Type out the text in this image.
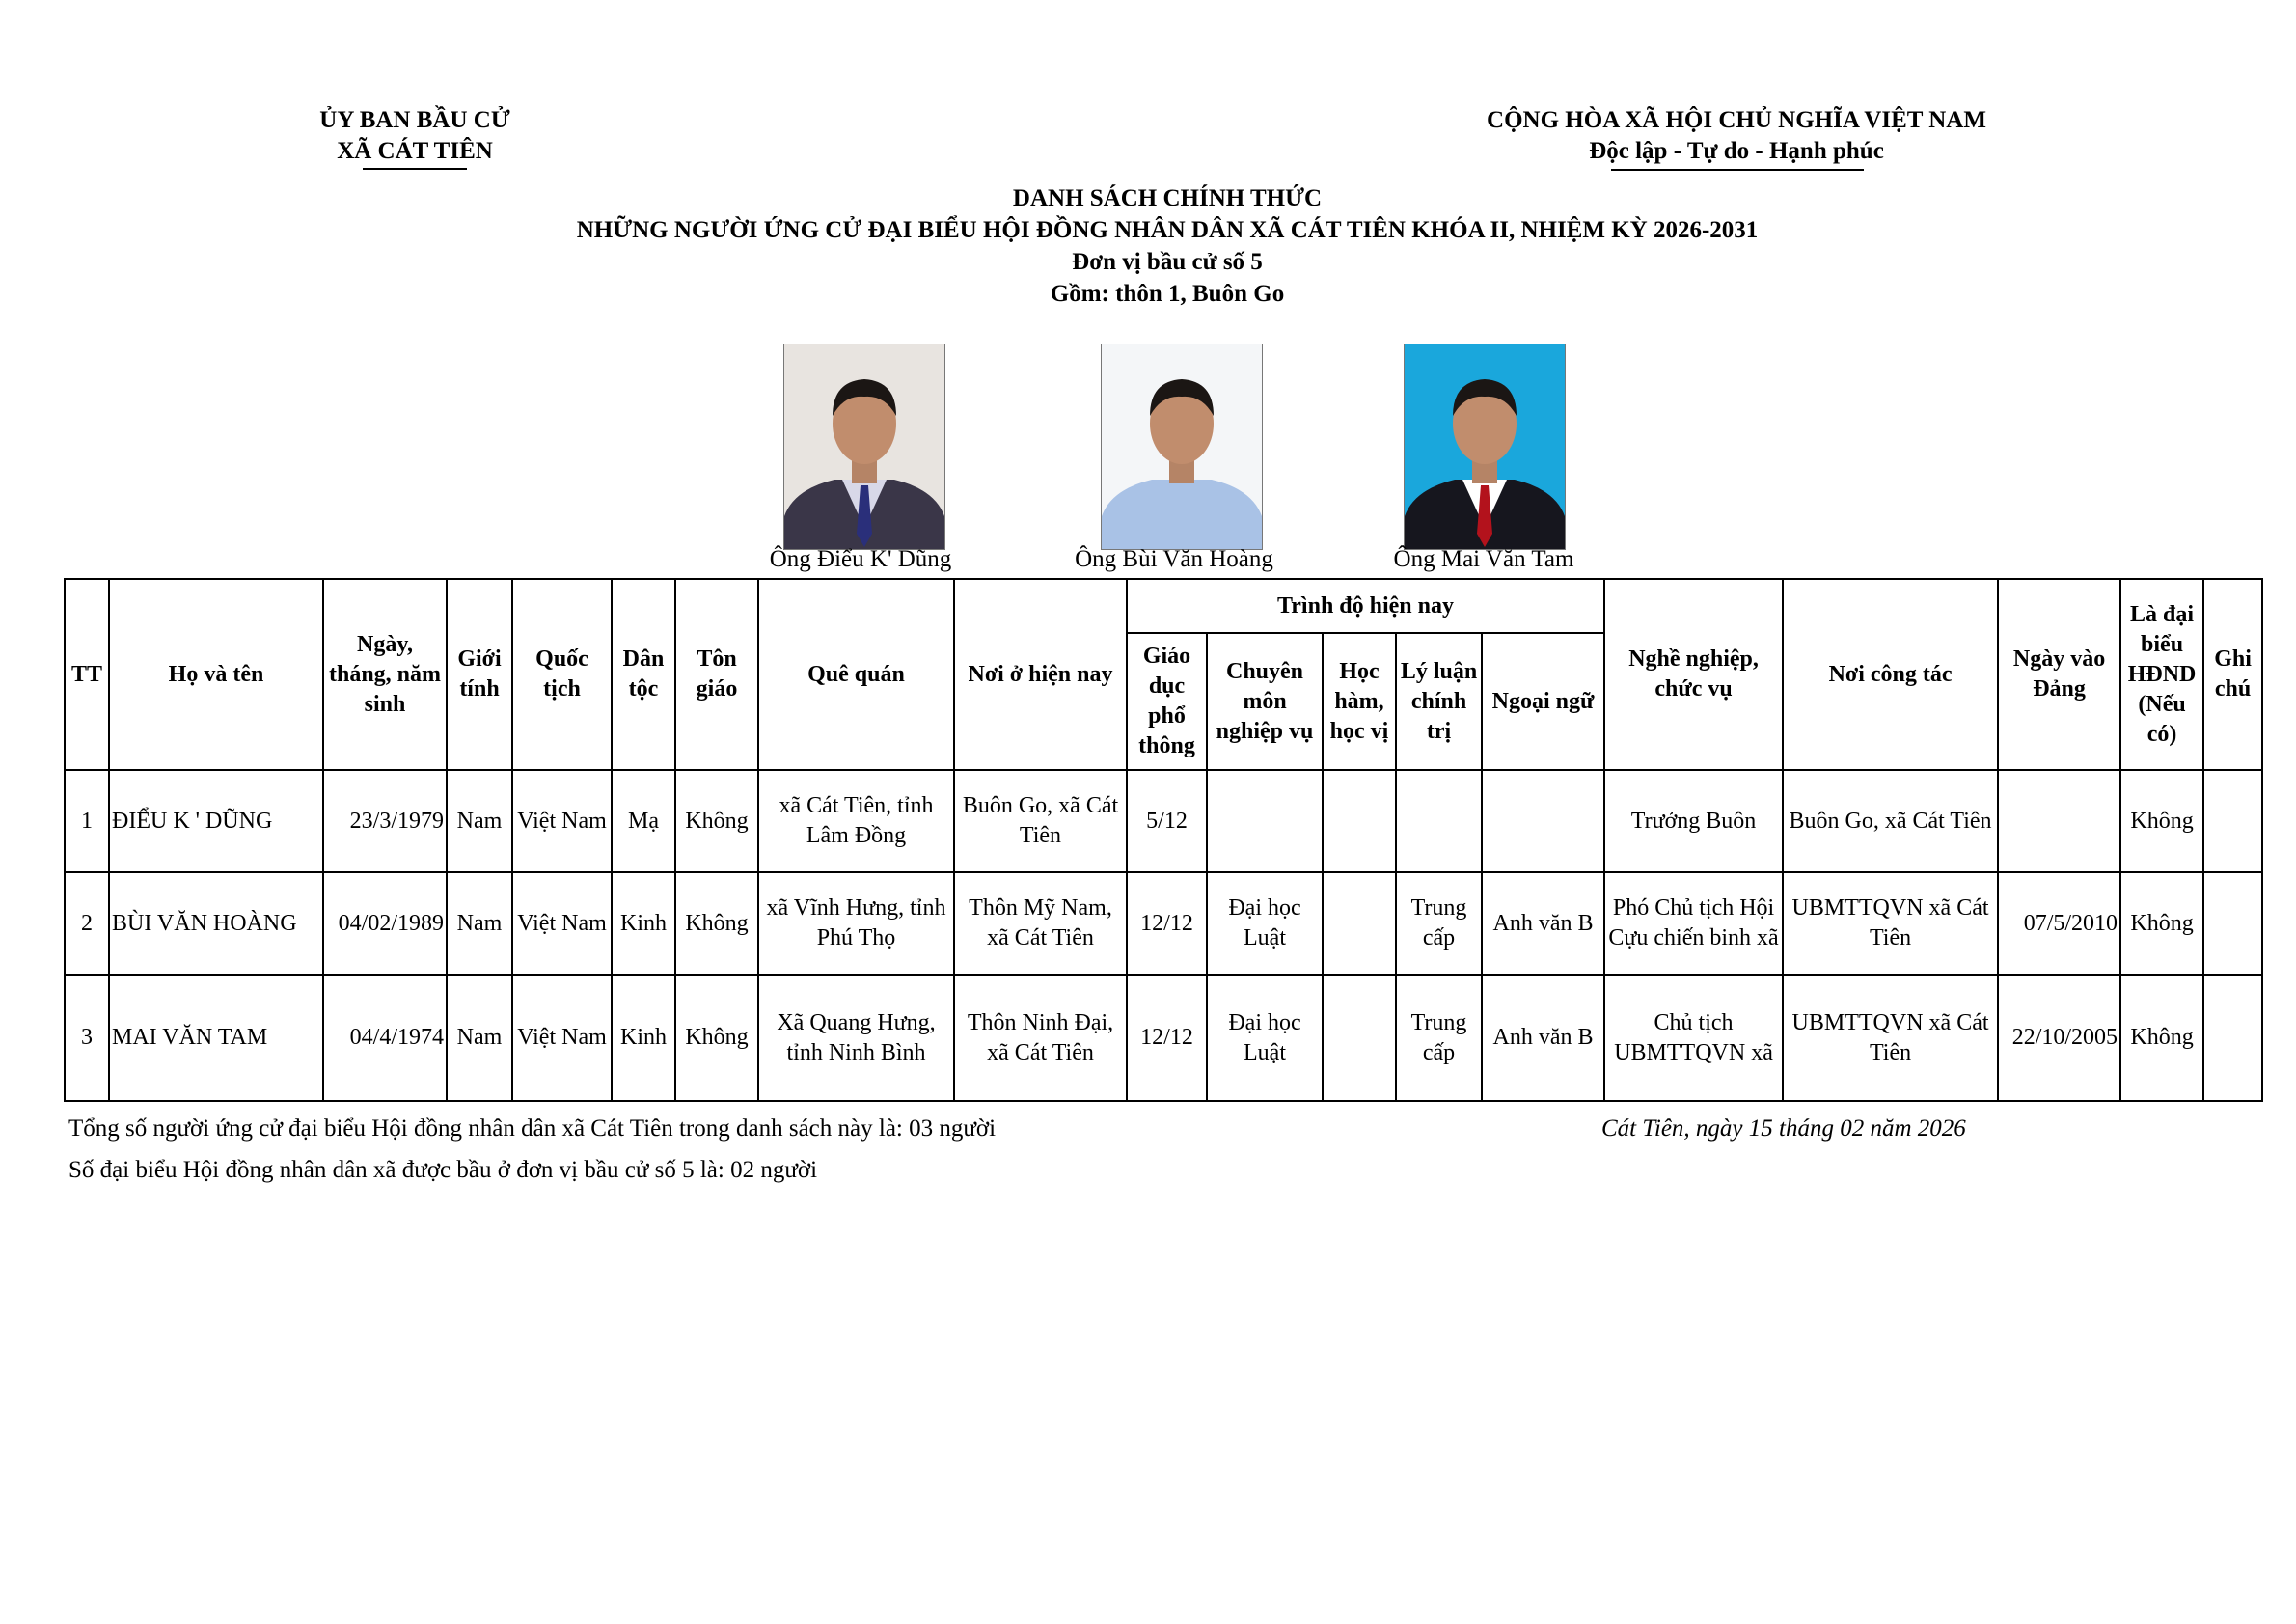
ỦY BAN BẦU CỬ
XÃ CÁT TIÊN
CỘNG HÒA XÃ HỘI CHỦ NGHĨA VIỆT NAM
Độc lập - Tự do - Hạnh phúc
DANH SÁCH CHÍNH THỨC
NHỮNG NGƯỜI ỨNG CỬ ĐẠI BIỂU HỘI ĐỒNG NHÂN DÂN XÃ CÁT TIÊN KHÓA II, NHIỆM KỲ 2026-2031
Đơn vị bầu cử số 5
Gồm: thôn 1, Buôn Go
Ông Điểu K' Dũng	Ông Bùi Văn Hoàng	Ông Mai Văn Tam
TT	Họ và tên	Ngày, tháng, năm sinh	Giới tính	Quốc tịch	Dân tộc	Tôn giáo	Quê quán	Nơi ở hiện nay	Trình độ hiện nay					Nghề nghiệp, chức vụ	Nơi công tác	Ngày vào Đảng	Là đại biểu HĐND (Nếu có)	Ghi chú
									Giáo dục phổ thông	Chuyên môn nghiệp vụ	Học hàm, học vị	Lý luận chính trị	Ngoại ngữ					
1	ĐIỂU K ' DŨNG	23/3/1979	Nam	Việt Nam	Mạ	Không	xã Cát Tiên, tỉnh Lâm Đồng	Buôn Go, xã Cát Tiên	5/12					Trưởng Buôn	Buôn Go, xã Cát Tiên		Không	
2	BÙI VĂN HOÀNG	04/02/1989	Nam	Việt Nam	Kinh	Không	xã Vĩnh Hưng, tỉnh Phú Thọ	Thôn Mỹ Nam, xã Cát Tiên	12/12	Đại học Luật		Trung cấp	Anh văn B	Phó Chủ tịch Hội Cựu chiến binh xã	UBMTTQVN xã Cát Tiên	07/5/2010	Không	
3	MAI VĂN TAM	04/4/1974	Nam	Việt Nam	Kinh	Không	Xã Quang Hưng, tỉnh Ninh Bình	Thôn Ninh Đại, xã Cát Tiên	12/12	Đại học Luật		Trung cấp	Anh văn B	Chủ tịch UBMTTQVN xã	UBMTTQVN xã Cát Tiên	22/10/2005	Không	
Tổng số người ứng cử đại biểu Hội đồng nhân dân xã Cát Tiên trong danh sách này là: 03 người
Số đại biểu Hội đồng nhân dân xã được bầu ở đơn vị bầu cử số 5 là: 02 người
Cát Tiên, ngày 15 tháng 02 năm 2026
